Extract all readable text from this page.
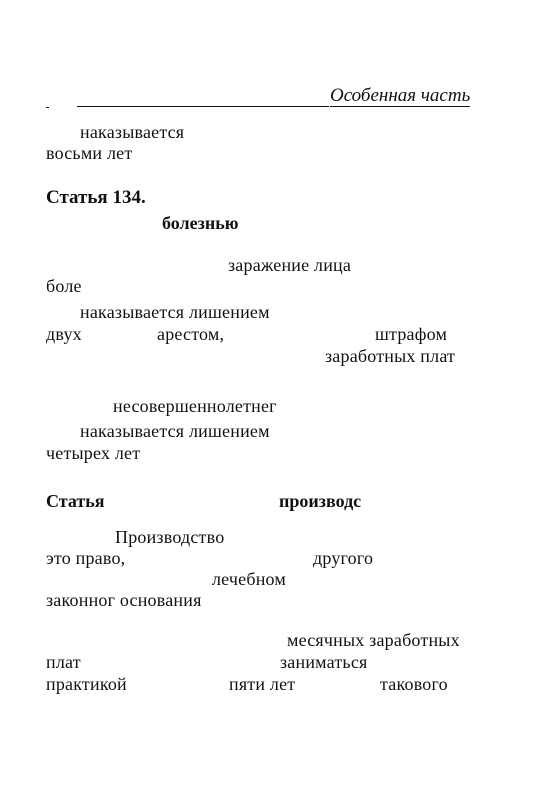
Особенная часть
наказывается
восьми лет
Статья 134.
болезнью
заражение лица
боле
наказывается лишением
двух	арестом,	штрафом
заработных плат
несовершеннолетнег
наказывается лишением
четырех лет
Статья	производс
Производство
это право,	другого
лечебном
законног основания
месячных заработных
плат	заниматься
практикой	пяти лет	такового
